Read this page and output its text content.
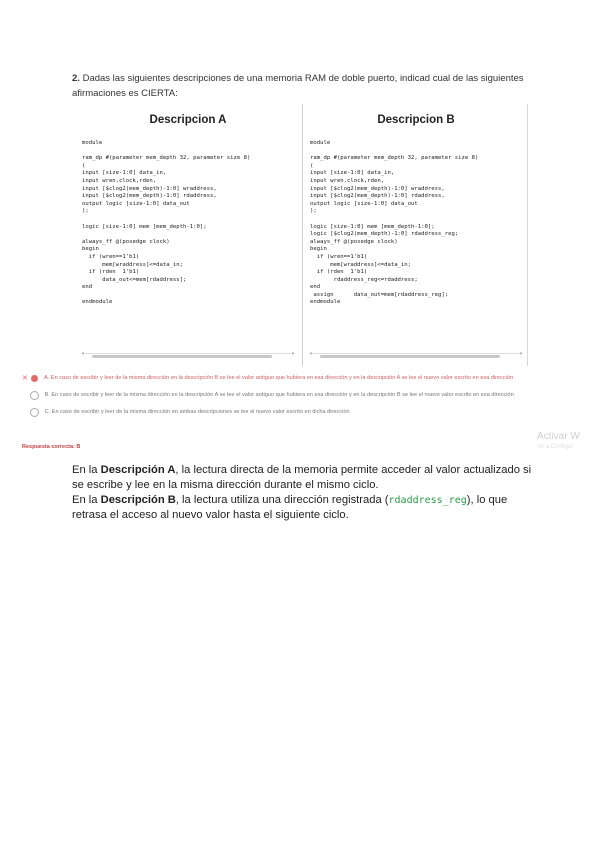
2. Dadas las siguientes descripciones de una memoria RAM de doble puerto, indicad cual de las siguientes afirmaciones es CIERTA:
Descripcion A
module

ram_dp #(parameter mem_depth 32, parameter size 8)
(
input [size-1:0] data_in,
input wren,clock,rden,
input [$clog2(mem_depth)-1:0] wraddress,
input [$clog2(mem_depth)-1:0] rdaddress,
output logic [size-1:0] data_out
);

logic [size-1:0] mem [mem_depth-1:0];

always_ff @(posedge clock)
begin
if (wren==1'b1)
mem[wraddress]<=data_in;
if (rden  1'b1)
data_out<=mem[rdaddress];
end

endmodule
‹	›
Descripcion B
module

ram_dp #(parameter mem_depth 32, parameter size 8)
(
input [size-1:0] data_in,
input wren,clock,rden,
input [$clog2(mem_depth)-1:0] wraddress,
input [$clog2(mem_depth)-1:0] rdaddress,
output logic [size-1:0] data_out
);

logic [size-1:0] mem [mem_depth-1:0];
logic [$clog2(mem_depth)-1:0] rdaddress_reg;
always_ff @(posedge clock)
begin
if (wren==1'b1)
mem[wraddress]<=data_in;
if (rden  1'b1)
rdaddress_reg<=rdaddress;
end
assign      data_out=mem[rdaddress_reg];
endmodule
‹	›
✕	A. En caso de escribir y leer de la misma dirección en la descripción B se lee el valor antiguo que hubiera en esa dirección y en la descripción A se lee el nuevo valor escrito en esa dirección
B. En caso de escribir y leer de la misma dirección en la descripción A se lee el valor antiguo que hubiera en esa dirección y en la descripción B se lee el nuevo valor escrito en esa dirección
C. En caso de escribir y leer de la misma dirección en ambas descripciones se lee el nuevo valor escrito en dicha dirección
Respuesta correcta: B
Activar W
Ve a Configur

En la Descripción A, la lectura directa de la memoria permite acceder al valor actualizado si se escribe y lee en la misma dirección durante el mismo ciclo.

En la Descripción B, la lectura utiliza una dirección registrada (rdaddress_reg), lo que retrasa el acceso al nuevo valor hasta el siguiente ciclo.
